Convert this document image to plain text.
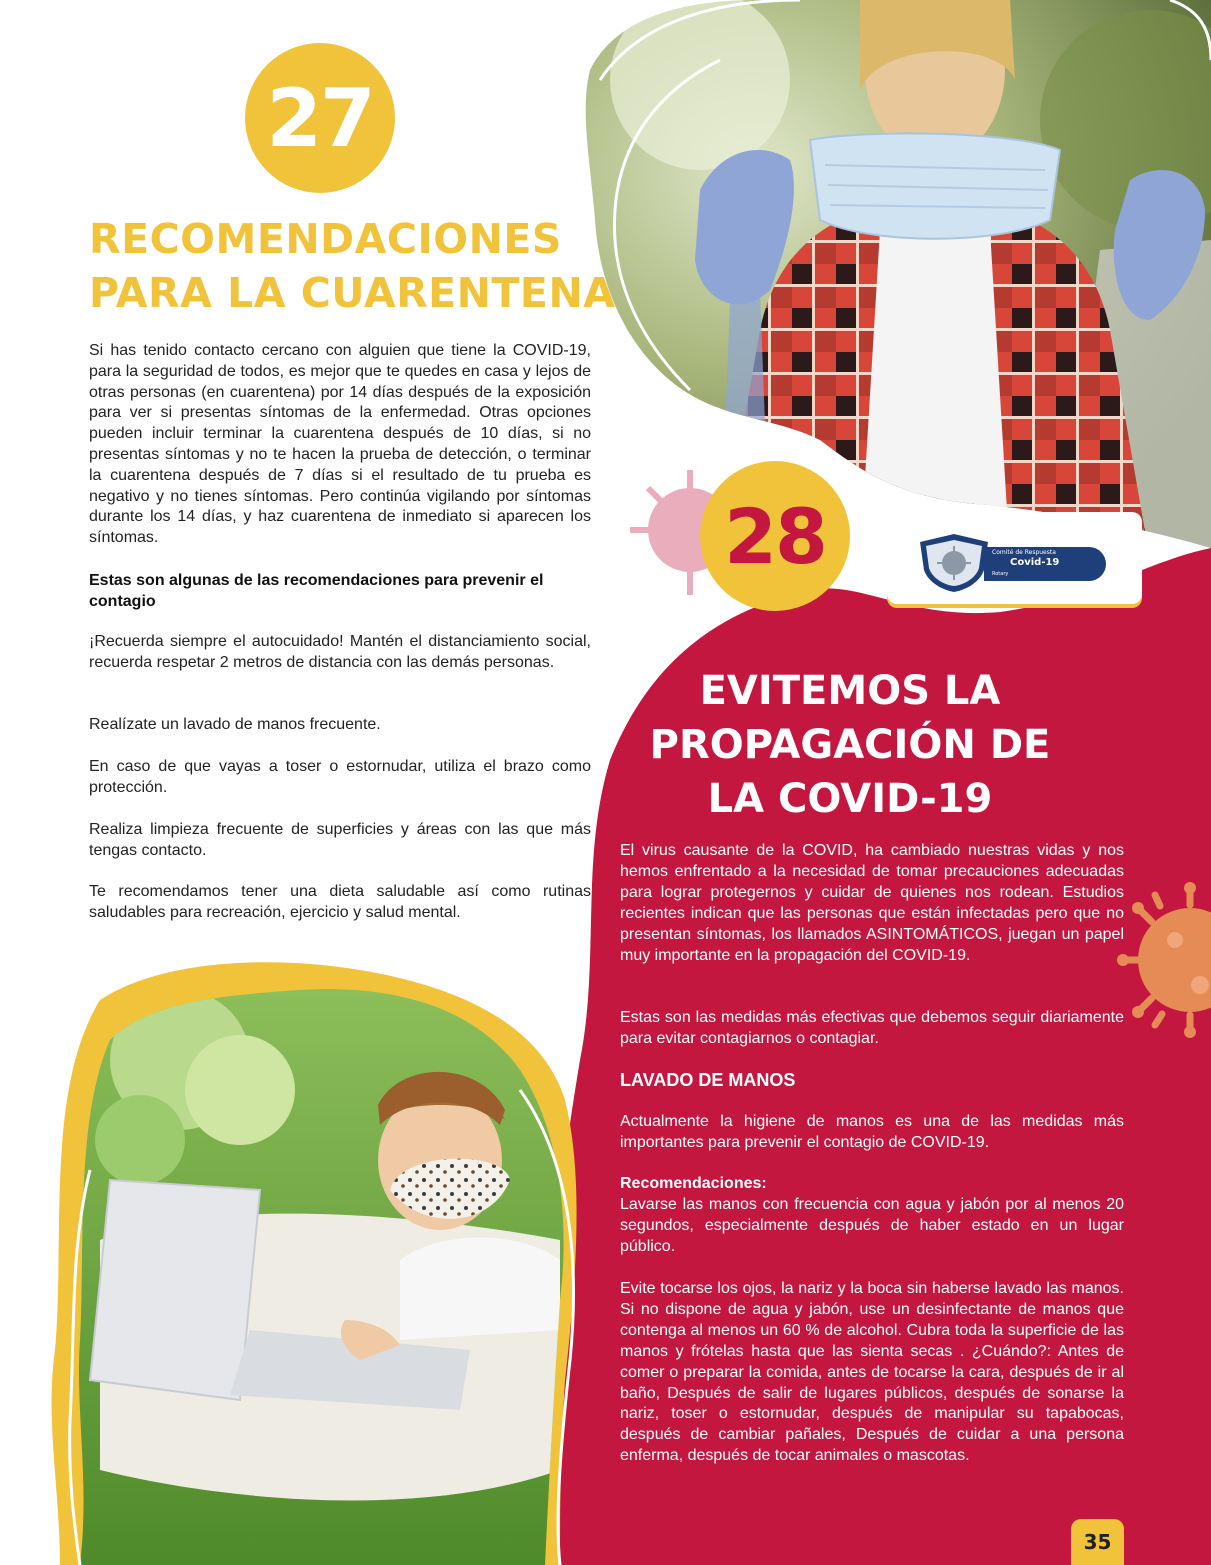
27
28
RECOMENDACIONES
PARA LA CUARENTENA

Si has tenido contacto cercano con alguien que tiene la COVID-19, para la seguridad de todos, es mejor que te quedes en casa y lejos de otras personas (en cuarentena) por 14 días después de la exposición para ver si presentas síntomas de la enfermedad. Otras opciones pueden incluir terminar la cuarentena después de 10 días, si no presentas síntomas y no te hacen la prueba de detección, o terminar la cuarentena después de 7 días si el resultado de tu prueba es negativo y no tienes síntomas. Pero continúa vigilando por síntomas durante los 14 días, y haz cuarentena de inmediato si aparecen los síntomas.

Estas son algunas de las recomendaciones para prevenir el contagio

¡Recuerda siempre el autocuidado! Mantén el distanciamiento social, recuerda respetar 2 metros de distancia con las demás personas.

Realízate un lavado de manos frecuente.

En caso de que vayas a toser o estornudar, utiliza el brazo como protección.

Realiza limpieza frecuente de superficies y áreas con las que más tengas contacto.

Te recomendamos tener una dieta saludable así como rutinas saludables para recreación, ejercicio y salud mental.

Comité de Respuesta
Covid-19
Rotary
EVITEMOS LA
PROPAGACIÓN DE
LA COVID-19

El virus causante de la COVID, ha cambiado nuestras vidas y nos hemos enfrentado a la necesidad de tomar precauciones adecuadas para lograr protegernos y cuidar de quienes nos rodean. Estudios recientes indican que las personas que están infectadas pero que no presentan síntomas, los llamados ASINTOMÁTICOS, juegan un papel muy importante en la propagación del COVID-19.

Estas son las medidas más efectivas que debemos seguir diariamente para evitar contagiarnos o contagiar.

LAVADO DE MANOS

Actualmente la higiene de manos es una de las medidas más importantes para prevenir el contagio de COVID-19.

Recomendaciones:

Lavarse las manos con frecuencia con agua y jabón por al menos 20 segundos, especialmente después de haber estado en un lugar público.

Evite tocarse los ojos, la nariz y la boca sin haberse lavado las manos. Si no dispone de agua y jabón, use un desinfectante de manos que contenga al menos un 60 % de alcohol. Cubra toda la superficie de las manos y frótelas hasta que las sienta secas . ¿Cuándo?: Antes de comer o preparar la comida, antes de tocarse la cara, después de ir al baño, Después de salir de lugares públicos, después de sonarse la nariz, toser o estornudar, después de manipular su tapabocas, después de cambiar pañales, Después de cuidar a una persona enferma, después de tocar animales o mascotas.

35
